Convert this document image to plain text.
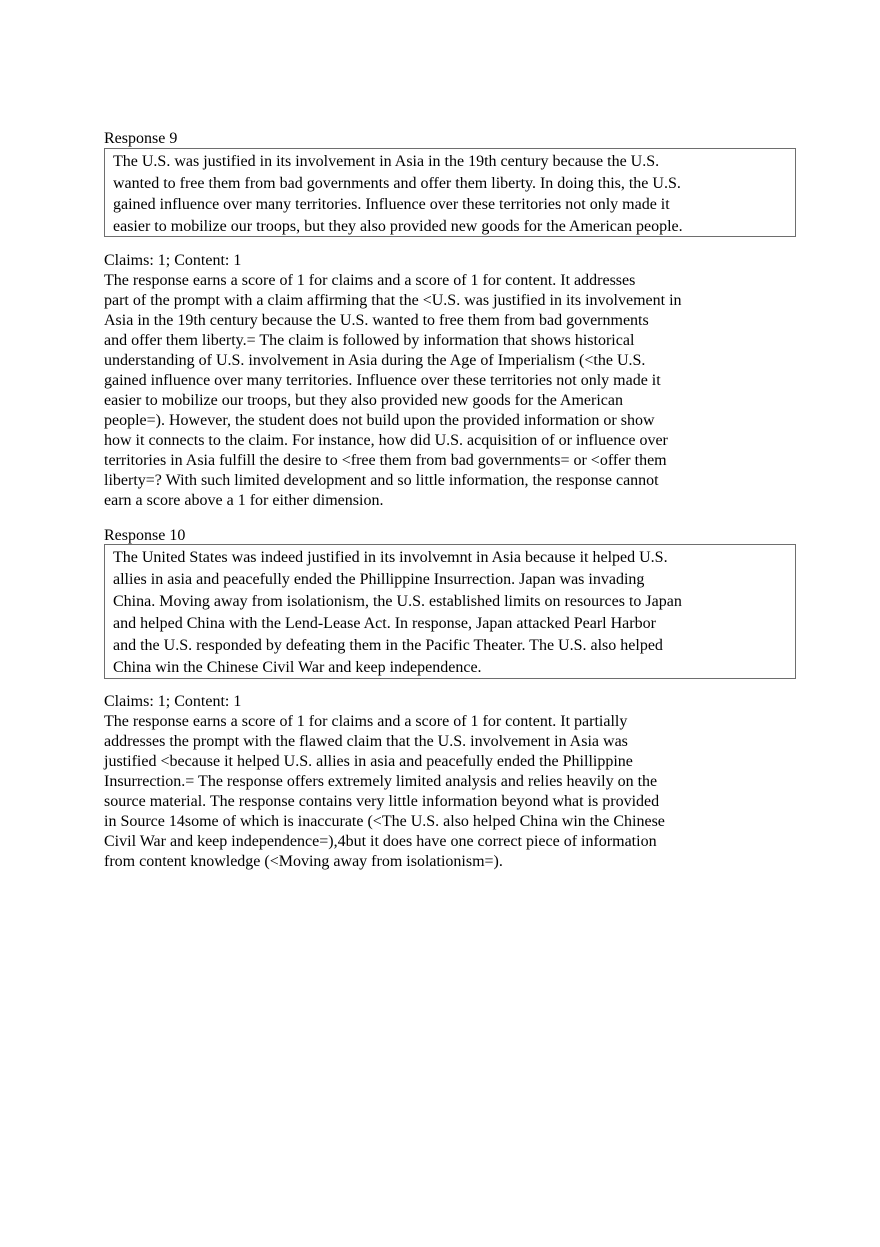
Response 9
The U.S. was justified in its involvement in Asia in the 19th century because the U.S.
wanted to free them from bad governments and offer them liberty. In doing this, the U.S.
gained influence over many territories. Influence over these territories not only made it
easier to mobilize our troops, but they also provided new goods for the American people.
Claims: 1; Content: 1
The response earns a score of 1 for claims and a score of 1 for content. It addresses
part of the prompt with a claim affirming that the <U.S. was justified in its involvement in
Asia in the 19th century because the U.S. wanted to free them from bad governments
and offer them liberty.= The claim is followed by information that shows historical
understanding of U.S. involvement in Asia during the Age of Imperialism (<the U.S.
gained influence over many territories. Influence over these territories not only made it
easier to mobilize our troops, but they also provided new goods for the American
people=). However, the student does not build upon the provided information or show
how it connects to the claim. For instance, how did U.S. acquisition of or influence over
territories in Asia fulfill the desire to <free them from bad governments= or <offer them
liberty=? With such limited development and so little information, the response cannot
earn a score above a 1 for either dimension.
Response 10
The United States was indeed justified in its involvemnt in Asia because it helped U.S.
allies in asia and peacefully ended the Phillippine Insurrection. Japan was invading
China. Moving away from isolationism, the U.S. established limits on resources to Japan
and helped China with the Lend-Lease Act. In response, Japan attacked Pearl Harbor
and the U.S. responded by defeating them in the Pacific Theater. The U.S. also helped
China win the Chinese Civil War and keep independence.
Claims: 1; Content: 1
The response earns a score of 1 for claims and a score of 1 for content. It partially
addresses the prompt with the flawed claim that the U.S. involvement in Asia was
justified <because it helped U.S. allies in asia and peacefully ended the Phillippine
Insurrection.= The response offers extremely limited analysis and relies heavily on the
source material. The response contains very little information beyond what is provided
in Source 14some of which is inaccurate (<The U.S. also helped China win the Chinese
Civil War and keep independence=),4but it does have one correct piece of information
from content knowledge (<Moving away from isolationism=).
